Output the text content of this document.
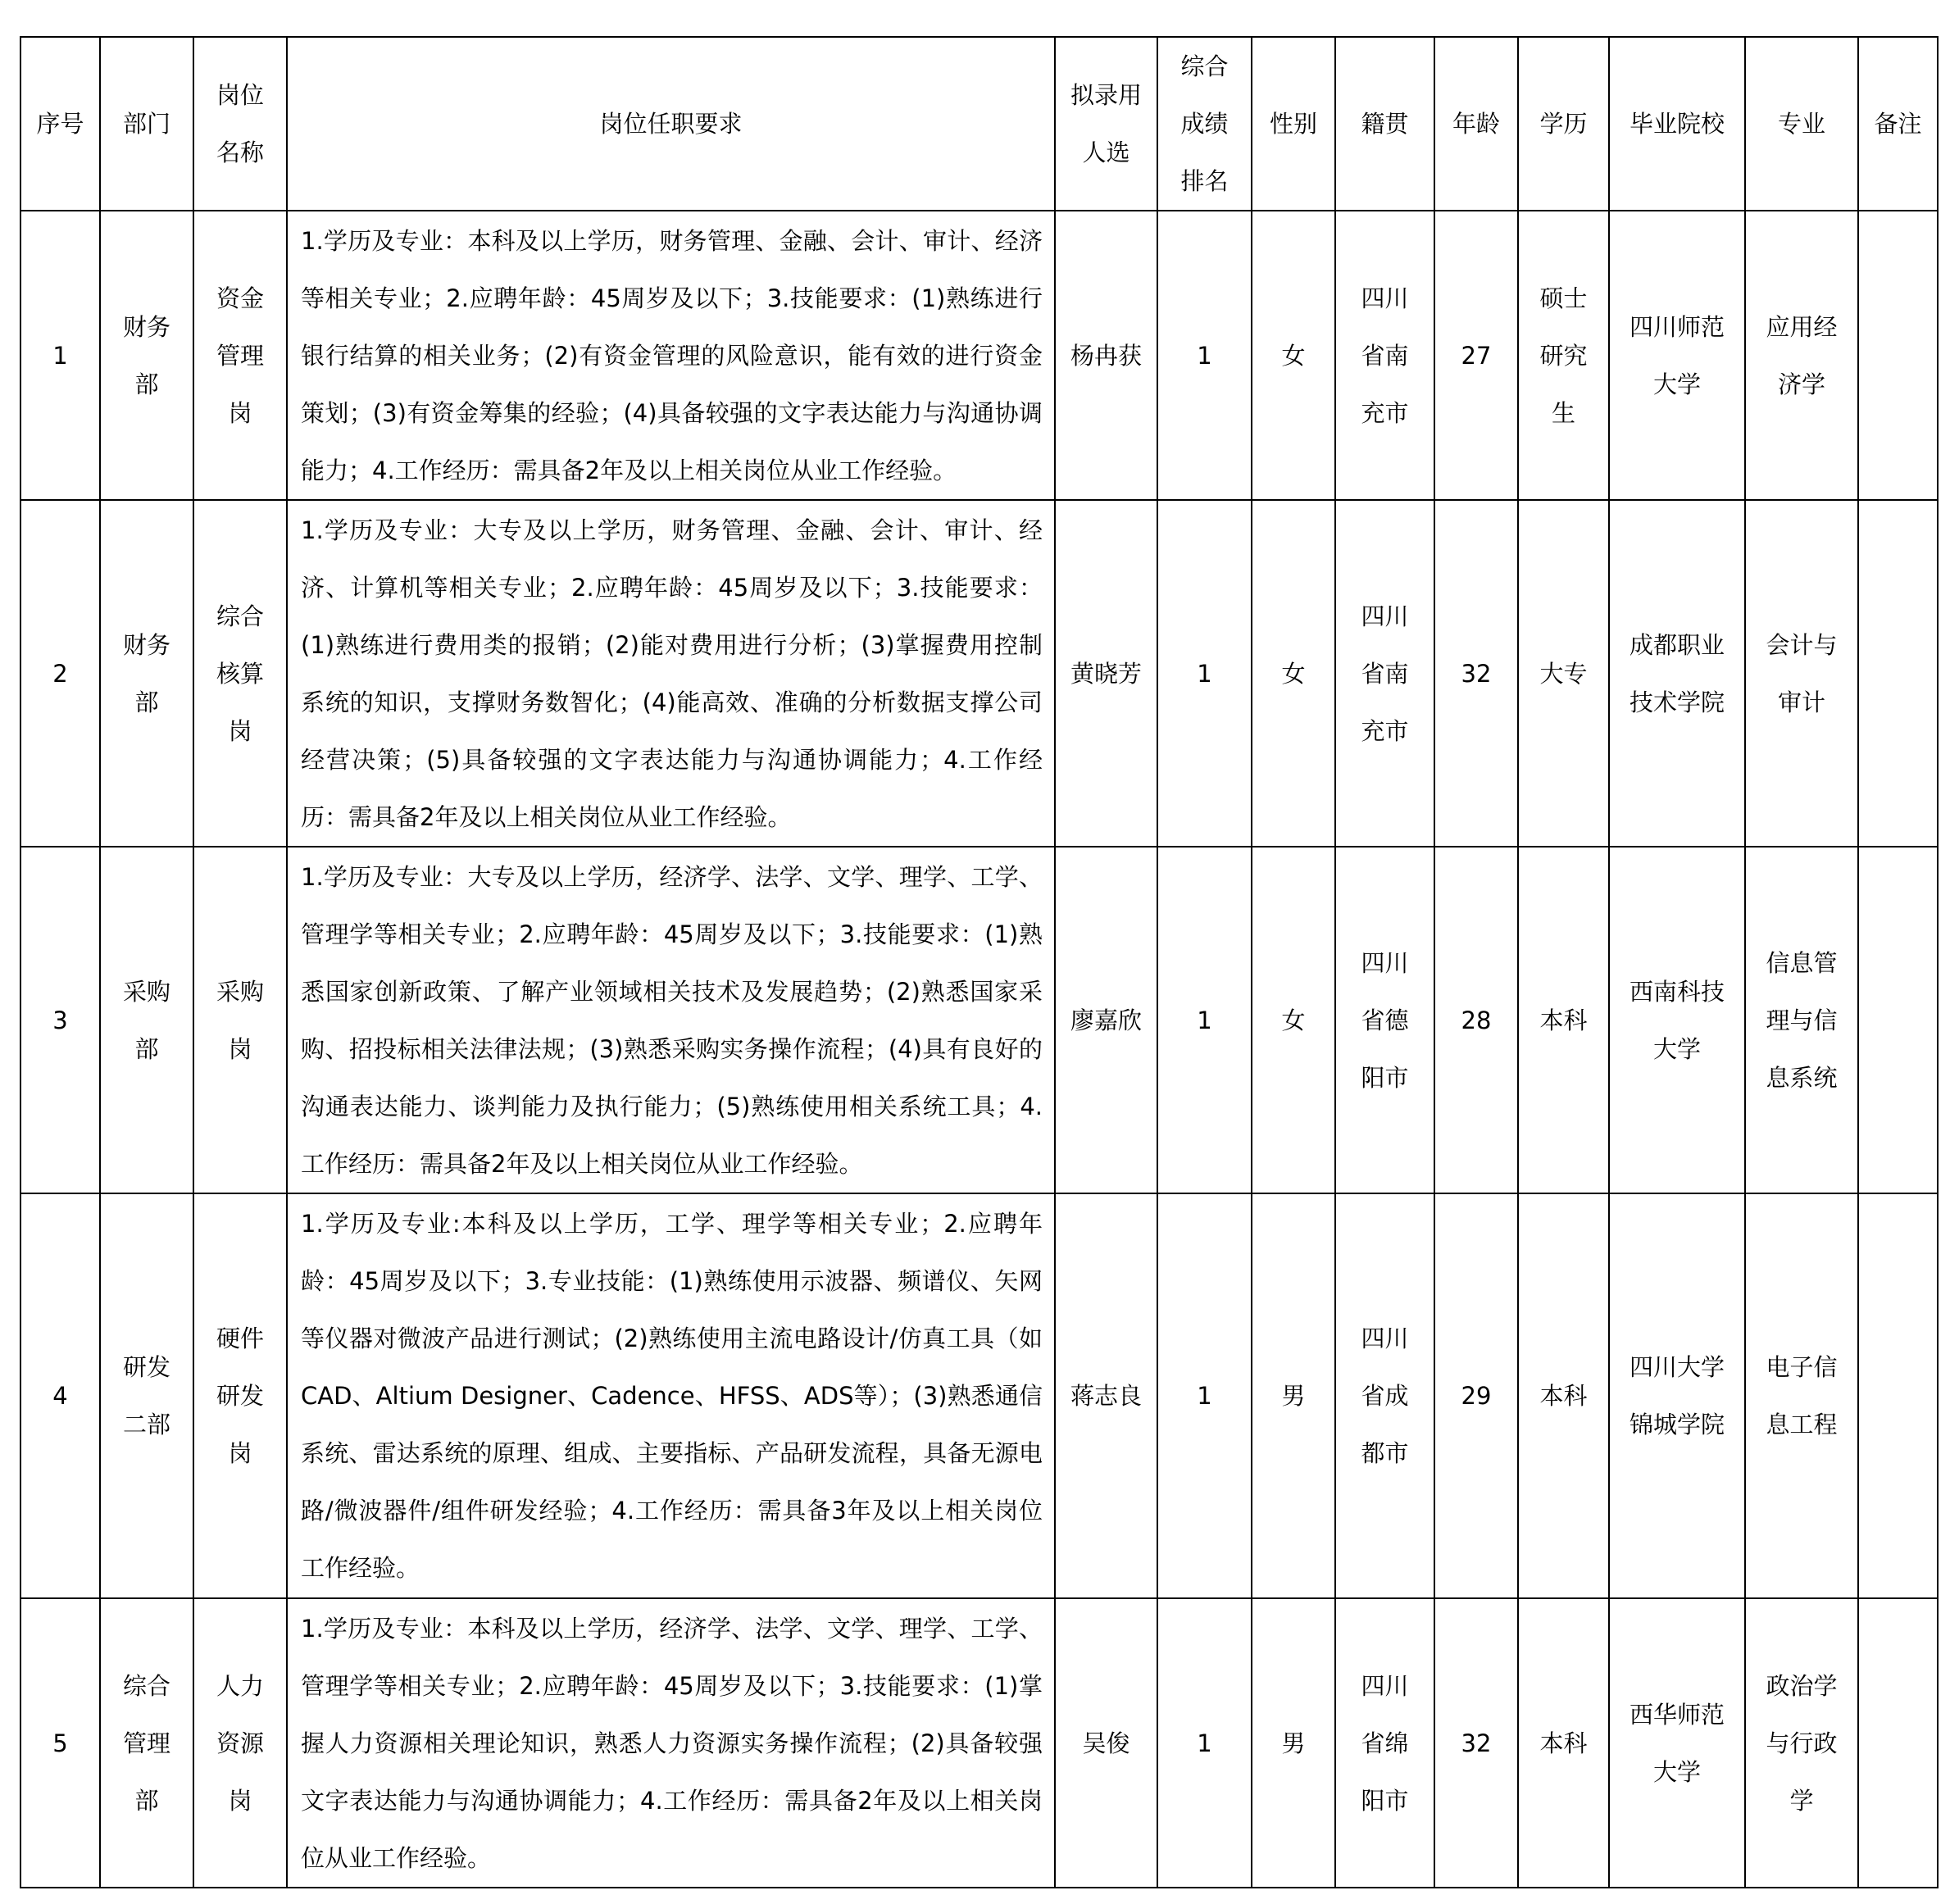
序号	部门	岗位名称	岗位任职要求	拟录用人选	综合成绩排名	性别	籍贯	年龄	学历	毕业院校	专业	备注

1	财务部	资金管理岗	1.学历及专业：本科及以上学历，财务管理、金融、会计、审计、经济等相关专业；2.应聘年龄：45周岁及以下；3.技能要求：(1)熟练进行银行结算的相关业务；(2)有资金管理的风险意识，能有效的进行资金策划；(3)有资金筹集的经验；(4)具备较强的文字表达能力与沟通协调能力；4.工作经历：需具备2年及以上相关岗位从业工作经验。	杨冉获	1	女	四川省南充市	27	硕士研究生	四川师范大学	应用经济学	

2	财务部	综合核算岗	1.学历及专业：大专及以上学历，财务管理、金融、会计、审计、经济、计算机等相关专业；2.应聘年龄：45周岁及以下；3.技能要求：(1)熟练进行费用类的报销；(2)能对费用进行分析；(3)掌握费用控制系统的知识，支撑财务数智化；(4)能高效、准确的分析数据支撑公司经营决策；(5)具备较强的文字表达能力与沟通协调能力；4.工作经历：需具备2年及以上相关岗位从业工作经验。	黄晓芳	1	女	四川省南充市	32	大专	成都职业技术学院	会计与审计	

3	采购部	采购岗	1.学历及专业：大专及以上学历，经济学、法学、文学、理学、工学、管理学等相关专业；2.应聘年龄：45周岁及以下；3.技能要求：(1)熟悉国家创新政策、了解产业领域相关技术及发展趋势；(2)熟悉国家采购、招投标相关法律法规；(3)熟悉采购实务操作流程；(4)具有良好的沟通表达能力、谈判能力及执行能力；(5)熟练使用相关系统工具；4.工作经历：需具备2年及以上相关岗位从业工作经验。	廖嘉欣	1	女	四川省德阳市	28	本科	西南科技大学	信息管理与信息系统	

4	研发二部	硬件研发岗	1.学历及专业:本科及以上学历，工学、理学等相关专业；2.应聘年龄：45周岁及以下；3.专业技能：(1)熟练使用示波器、频谱仪、矢网等仪器对微波产品进行测试；(2)熟练使用主流电路设计/仿真工具（如CAD、Altium Designer、Cadence、HFSS、ADS等）；(3)熟悉通信系统、雷达系统的原理、组成、主要指标、产品研发流程，具备无源电路/微波器件/组件研发经验；4.工作经历：需具备3年及以上相关岗位工作经验。	蒋志良	1	男	四川省成都市	29	本科	四川大学锦城学院	电子信息工程	

5	综合管理部	人力资源岗	1.学历及专业：本科及以上学历，经济学、法学、文学、理学、工学、管理学等相关专业；2.应聘年龄：45周岁及以下；3.技能要求：(1)掌握人力资源相关理论知识，熟悉人力资源实务操作流程；(2)具备较强文字表达能力与沟通协调能力；4.工作经历：需具备2年及以上相关岗位从业工作经验。	吴俊	1	男	四川省绵阳市	32	本科	西华师范大学	政治学与行政学	
